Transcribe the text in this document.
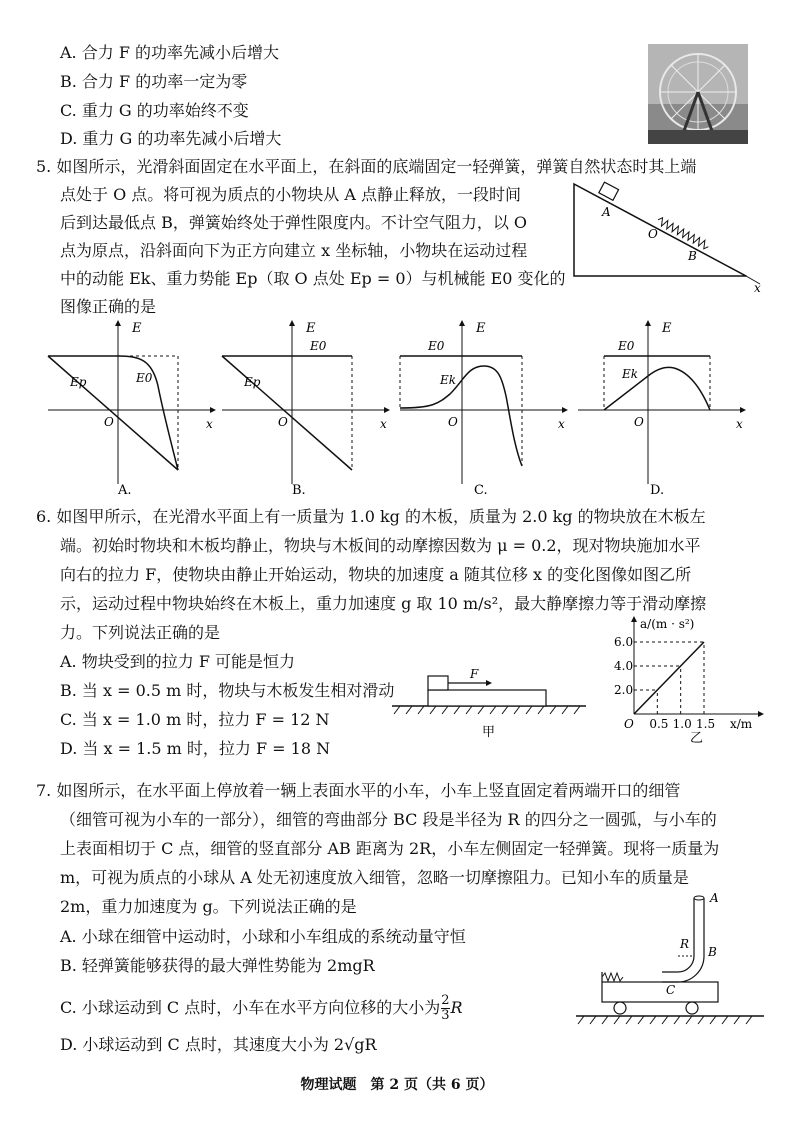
A. 合力 F 的功率先减小后增大
B. 合力 F 的功率一定为零
C. 重力 G 的功率始终不变
D. 重力 G 的功率先减小后增大
5. 如图所示，光滑斜面固定在水平面上，在斜面的底端固定一轻弹簧，弹簧自然状态时其上端
点处于 O 点。将可视为质点的小物块从 A 点静止释放，一段时间
后到达最低点 B，弹簧始终处于弹性限度内。不计空气阻力，以 O
点为原点，沿斜面向下为正方向建立 x 坐标轴，小物块在运动过程
中的动能 Ek、重力势能 Ep（取 O 点处 Ep = 0）与机械能 E0 变化的
图像正确的是
A
O
B
x
E
x
O
Ep	E0
A.
E
x
O
Ep
E0
B.
E
x
O
Ek
E0
C.
E
x
O
Ek
E0
D.
6. 如图甲所示，在光滑水平面上有一质量为 1.0 kg 的木板，质量为 2.0 kg 的物块放在木板左
端。初始时物块和木板均静止，物块与木板间的动摩擦因数为 μ = 0.2，现对物块施加水平
向右的拉力 F，使物块由静止开始运动，物块的加速度 a 随其位移 x 的变化图像如图乙所
示，运动过程中物块始终在木板上，重力加速度 g 取 10 m/s²，最大静摩擦力等于滑动摩擦
力。下列说法正确的是
A. 物块受到的拉力 F 可能是恒力
B. 当 x = 0.5 m 时，物块与木板发生相对滑动
C. 当 x = 1.0 m 时，拉力 F = 12 N
D. 当 x = 1.5 m 时，拉力 F = 18 N
F
甲
6.0
4.0
2.0
0.5 1.0 1.5
a/(m · s²)
x/m
O
乙
7. 如图所示，在水平面上停放着一辆上表面水平的小车，小车上竖直固定着两端开口的细管
（细管可视为小车的一部分），细管的弯曲部分 BC 段是半径为 R 的四分之一圆弧，与小车的
上表面相切于 C 点，细管的竖直部分 AB 距离为 2R，小车左侧固定一轻弹簧。现将一质量为
m，可视为质点的小球从 A 处无初速度放入细管，忽略一切摩擦阻力。已知小车的质量是
2m，重力加速度为 g。下列说法正确的是
A. 小球在细管中运动时，小球和小车组成的系统动量守恒
B. 轻弹簧能够获得的最大弹性势能为 2mgR
C. 小球运动到 C 点时，小车在水平方向位移的大小为 $\frac{2}{3}$ R
D. 小球运动到 C 点时，其速度大小为 2√gR
A
B
C
R
物理试题　第 2 页（共 6 页）
